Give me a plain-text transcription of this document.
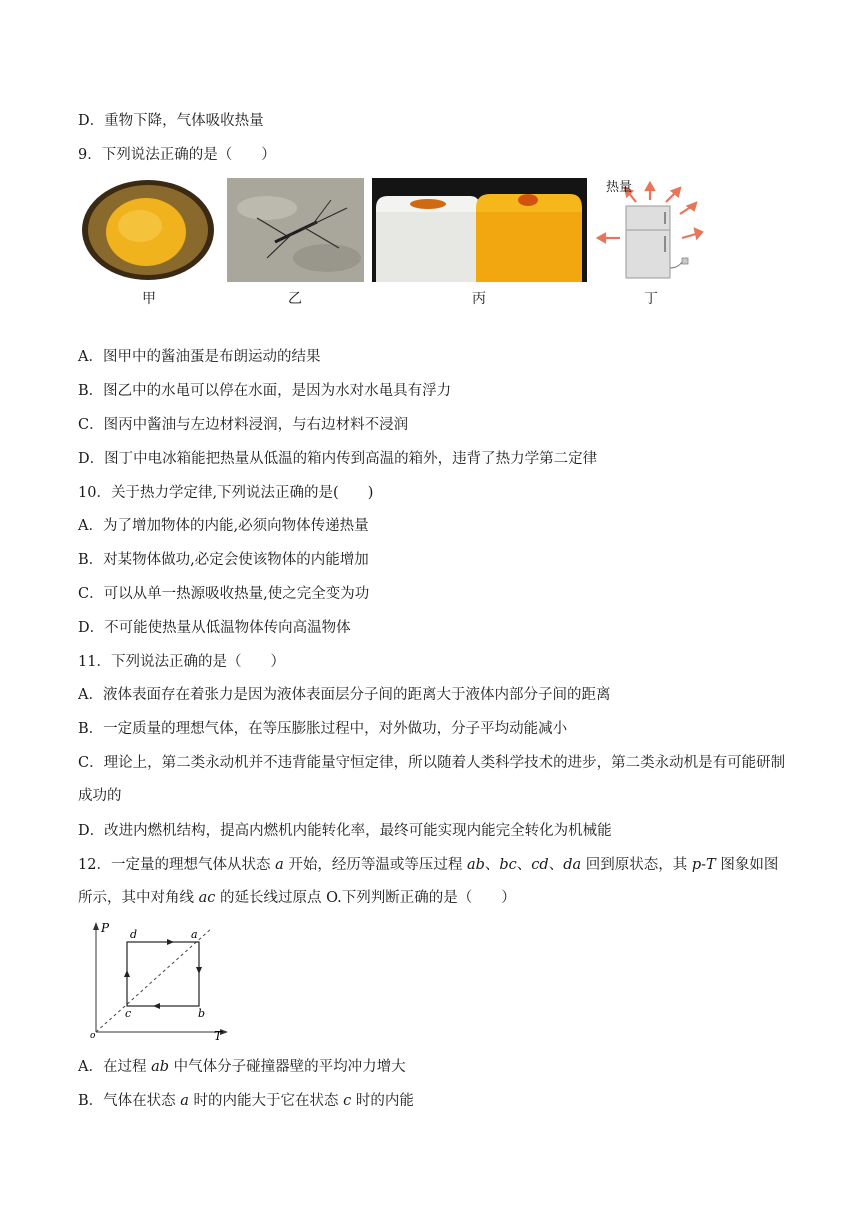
D．重物下降，气体吸收热量
9．下列说法正确的是（　　）
甲	乙	丙
热量
丁
A．图甲中的酱油蛋是布朗运动的结果
B．图乙中的水黾可以停在水面，是因为水对水黾具有浮力
C．图丙中酱油与左边材料浸润，与右边材料不浸润
D．图丁中电冰箱能把热量从低温的箱内传到高温的箱外，违背了热力学第二定律
10．关于热力学定律,下列说法正确的是(　　)
A．为了增加物体的内能,必须向物体传递热量
B．对某物体做功,必定会使该物体的内能增加
C．可以从单一热源吸收热量,使之完全变为功
D．不可能使热量从低温物体传向高温物体
11．下列说法正确的是（　　）
A．液体表面存在着张力是因为液体表面层分子间的距离大于液体内部分子间的距离
B．一定质量的理想气体，在等压膨胀过程中，对外做功，分子平均动能减小
C．理论上，第二类永动机并不违背能量守恒定律，所以随着人类科学技术的进步，第二类永动机是有可能研制成功的
D．改进内燃机结构，提高内燃机内能转化率，最终可能实现内能完全转化为机械能
12．一定量的理想气体从状态 a 开始，经历等温或等压过程 ab、bc、cd、da 回到原状态，其 p-T 图象如图所示，其中对角线 ac 的延长线过原点 O.下列判断正确的是（　　）
P
T
o
a
b
c
d
A．在过程 ab 中气体分子碰撞器壁的平均冲力增大
B．气体在状态 a 时的内能大于它在状态 c 时的内能
